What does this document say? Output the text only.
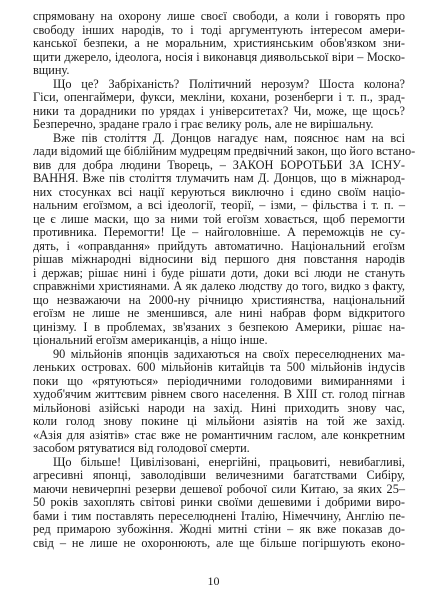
спрямовану на охорону лише своєї свободи, а коли і говорять про
свободу інших народів, то і тоді аргументують інтересом амери-
канської безпеки, а не моральним, християнським обов'язком зни-
щити джерело, ідеолога, носія і виконавця диявольської віри – Моско-
вщину.
Що це? Забріханість? Політичний нерозум? Шоста колона?
Гіси, опенгаймери, фукси, мекліни, кохани, розенберги і т. п., зрад-
ники та дорадники по урядах і університетах? Чи, може, ще щось?
Безперечно, зрадане грало і грає велику роль, але не вирішальну.
Вже пів століття Д. Донцов нагадує нам, пояснює нам на всі
лади відомий ще біблійним мудрецям предвічний закон, що його встано-
вив для добра людини Творець, – ЗАКОН БОРОТЬБИ ЗА ІСНУ-
ВАННЯ. Вже пів століття тлумачить нам Д. Донцов, що в міжнарод-
них стосунках всі нації керуються виключно і єдино своїм націо-
нальним егоїзмом, а всі ідеології, теорії, – ізми, – фільства і т. п. –
це є лише маски, що за ними той егоїзм ховається, щоб перемогти
противника. Перемогти! Це – найголовніше. А переможців не су-
дять, і «оправдання» прийдуть автоматично. Національний егоїзм
рішав міжнародні відносини від першого дня повстання народів
і держав; рішає нині і буде рішати доти, доки всі люди не стануть
справжніми християнами. А як далеко людству до того, видко з факту,
що незважаючи на 2000-ну річницю християнства, національний
егоїзм не лише не зменшився, але нині набрав форм відкритого
цинізму. І в проблемах, зв'язаних з безпекою Америки, рішає на-
ціональний егоїзм американців, а ніщо інше.
90 мільйонів японців задихаються на своїх переселюднених ма-
леньких островах. 600 мільйонів китайців та 500 мільйонів індусів
поки що «рятуються» періодичними голодовими вимираннями і
худоб'ячим життєвим рівнем свого населення. В XIII ст. голод пігнав
мільйонові азійські народи на захід. Нині приходить знову час,
коли голод знову покине ці мільйони азіятів на той же захід.
«Азія для азіятів» стає вже не романтичним гаслом, але конкретним
засобом рятуватися від голодової смерти.
Що більше! Цивілізовані, енергійні, працьовиті, невибагливі,
агресивні японці, заволодівши величезними багатствами Сибіру,
маючи невичерпні резерви дешевої робочої сили Китаю, за яких 25–
50 років захоплять світові ринки своїми дешевими і добрими виро-
бами і тим поставлять переселюднені Італію, Німеччину, Англію пе-
ред примарою зубожіння. Жодні митні стіни – як вже показав до-
свід – не лише не охоронюють, але ще більше погіршують еконо-
10
